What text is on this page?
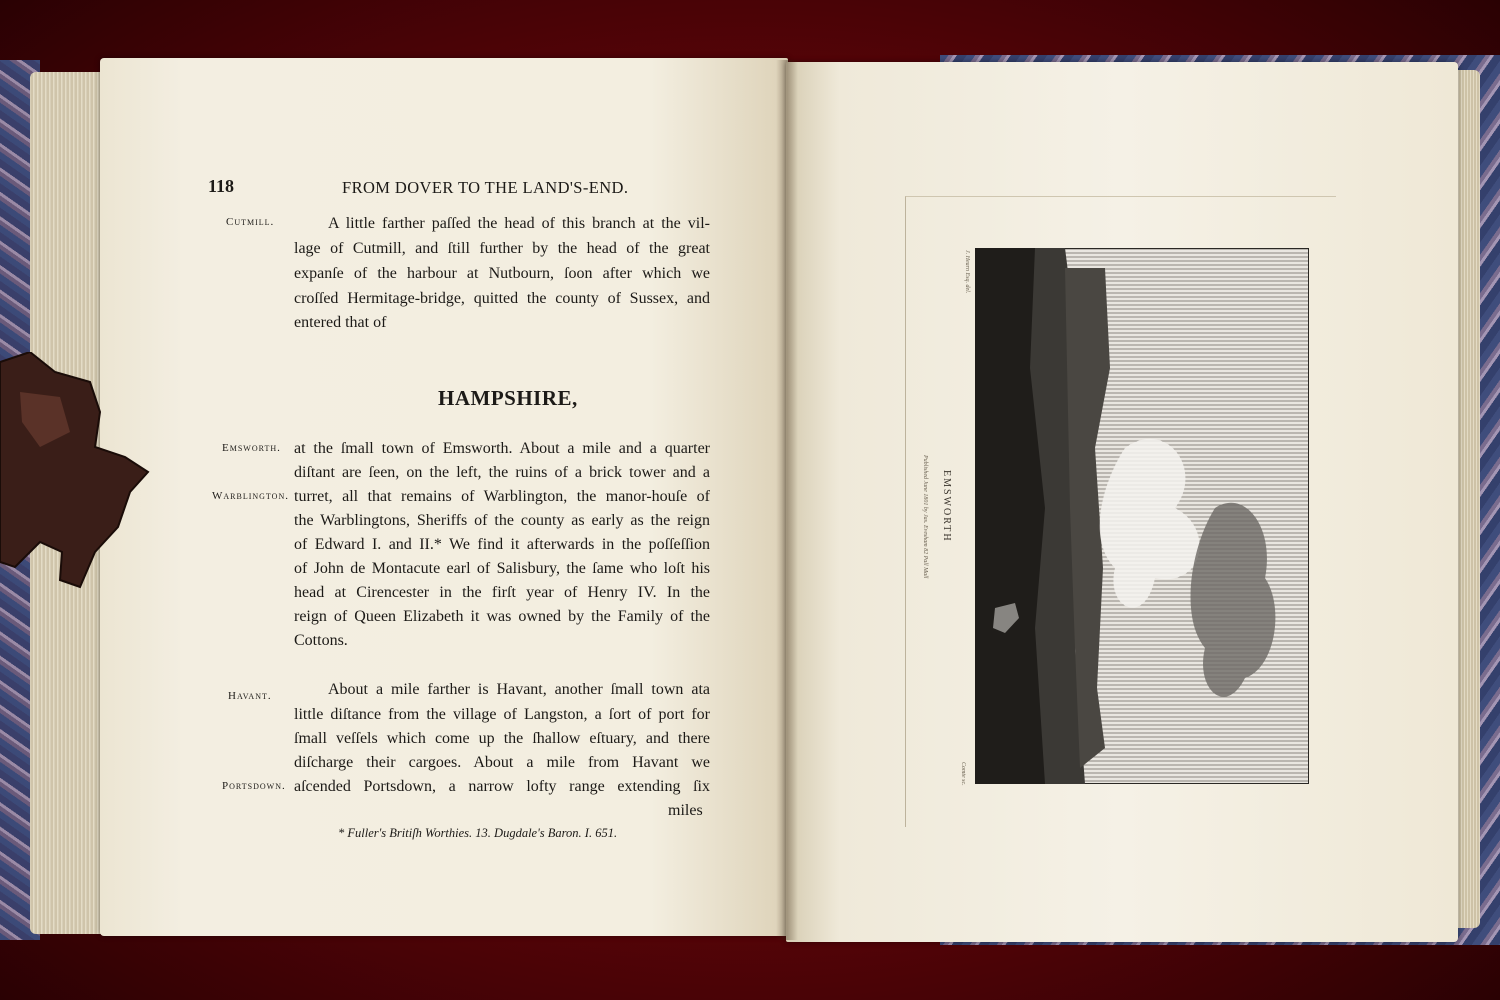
118	FROM DOVER TO THE LAND'S-END.
Cutmill.
Emsworth.
Warblington.
Havant.
Portsdown.
A little farther paſſed the head of this branch at the vil-
lage of Cutmill, and ſtill further by the head of the great
expanſe of the harbour at Nutbourn, ſoon after which we
croſſed Hermitage-bridge, quitted the county of Sussex, and
entered that of
HAMPSHIRE,
at the ſmall town of Emsworth. About a mile and a quarter
diſtant are ſeen, on the left, the ruins of a brick tower and a
turret, all that remains of Warblington, the manor-houſe of
the Warblingtons, Sheriffs of the county as early as the reign
of Edward I. and II.* We find it afterwards in the poſſeſſion
of John de Montacute earl of Salisbury, the ſame who loſt his
head at Cirencester in the firſt year of Henry IV. In the
reign of Queen Elizabeth it was owned by the Family of the
Cottons.
About a mile farther is Havant, another ſmall town ata
little diſtance from the village of Langston, a ſort of port for
ſmall veſſels which come up the ſhallow eſtuary, and there
diſcharge their cargoes. About a mile from Havant we
aſcended Portsdown, a narrow lofty range extending ſix
miles
* Fuller's Britiſh Worthies. 13. Dugdale's Baron. I. 651.
EMSWORTH
Published June 1801 by Jas. Evesham 82 Pall Mall
J. Hearn Esq. del.
Comte sc.
